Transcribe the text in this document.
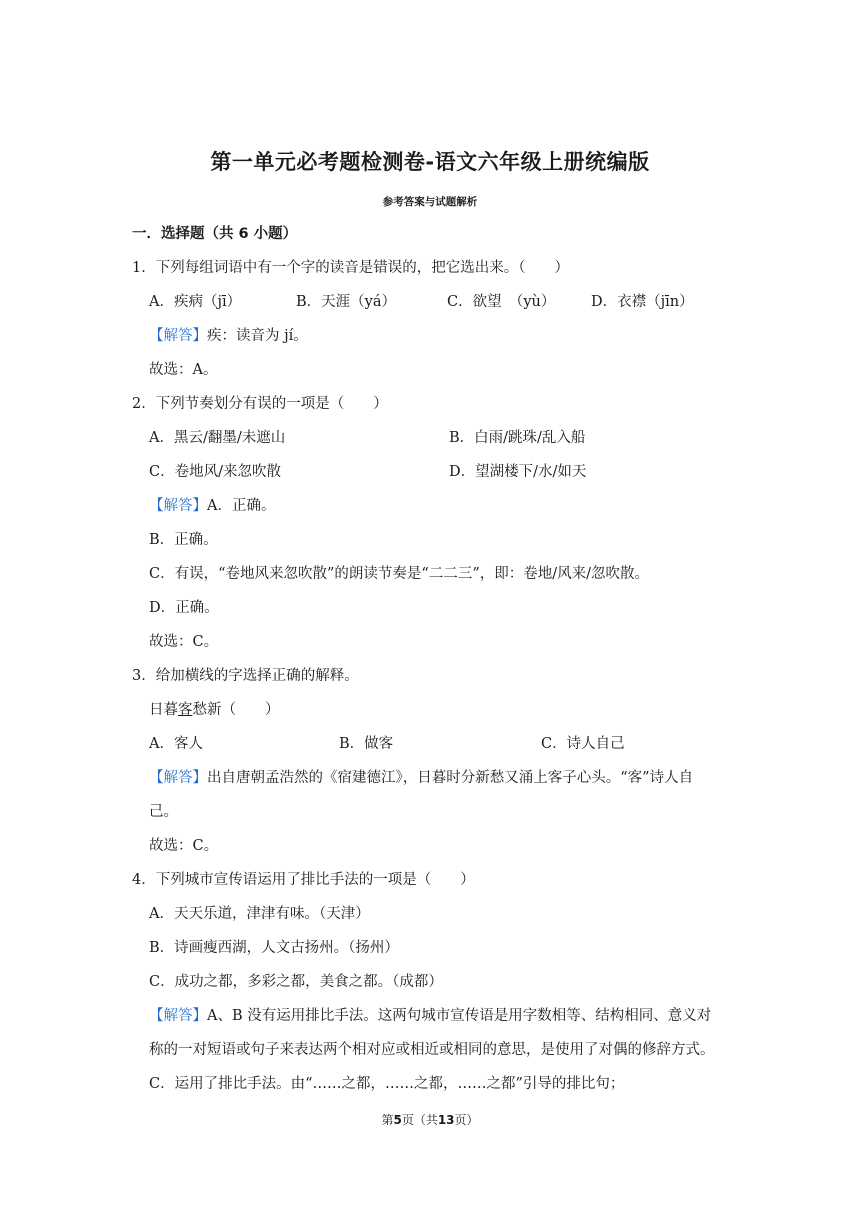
第一单元必考题检测卷-语文六年级上册统编版
参考答案与试题解析
一．选择题（共 6 小题）
1．下列每组词语中有一个字的读音是错误的，把它选出来。（　　）
A．疾病（jī）	B．天涯（yá）	C．欲望　（yù） D．衣襟（jīn）
【解答】疾：读音为 jí。
故选：A。
2．下列节奏划分有误的一项是（　　）
A．黑云/翻墨/未遮山	B．白雨/跳珠/乱入船
C．卷地风/来忽吹散	D．望湖楼下/水/如天
【解答】A．正确。
B．正确。
C．有误，“卷地风来忽吹散”的朗读节奏是“二二三”，即：卷地/风来/忽吹散。
D．正确。
故选：C。
3．给加横线的字选择正确的解释。
日暮客愁新（　　）
A．客人	B．做客	C．诗人自己
【解答】出自唐朝孟浩然的《宿建德江》，日暮时分新愁又涌上客子心头。“客”诗人自
己。
故选：C。
4．下列城市宣传语运用了排比手法的一项是（　　）
A．天天乐道，津津有味。（天津）
B．诗画瘦西湖，人文古扬州。（扬州）
C．成功之都，多彩之都，美食之都。（成都）
【解答】A、B 没有运用排比手法。这两句城市宣传语是用字数相等、结构相同、意义对
称的一对短语或句子来表达两个相对应或相近或相同的意思，是使用了对偶的修辞方式。
C．运用了排比手法。由“……之都，……之都，……之都”引导的排比句；
第5页（共13页）
